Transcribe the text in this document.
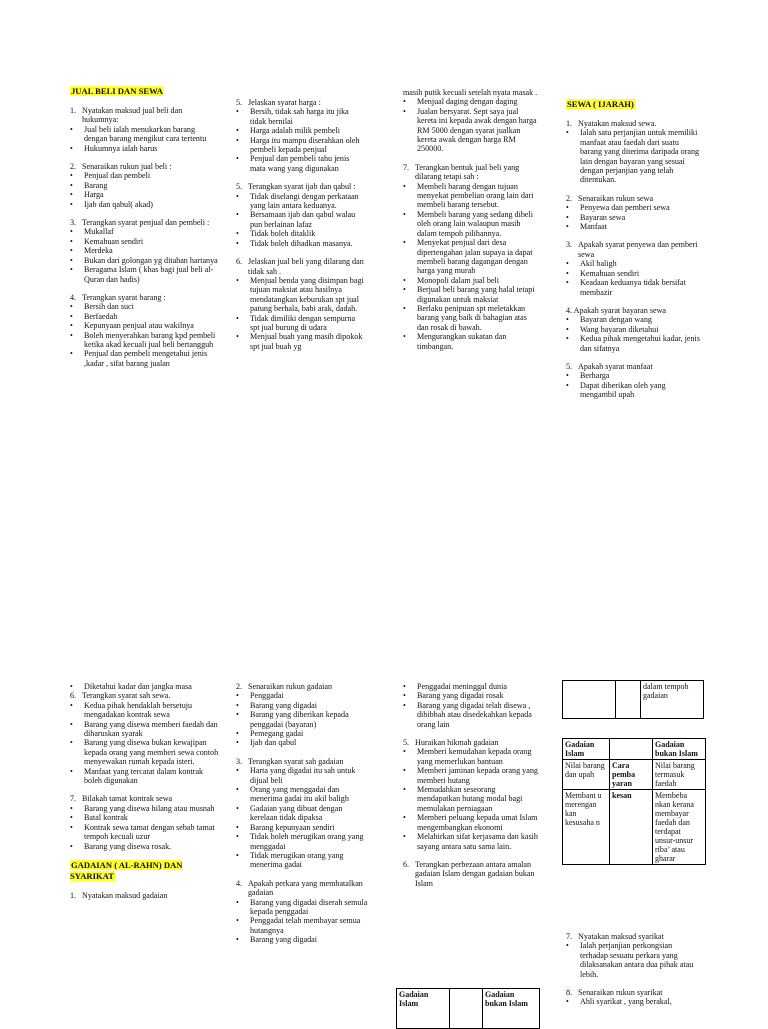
JUAL BELI DAN SEWA
1. Nyatakan maksud jual beli dan hukumnya:
•
Jual beli ialah menukarkan barang dengan barang mengikut cara tertentu
•
Hukumnya ialah harus
2. Senaraikan rukun jual beli :
•
Penjual dan pembeli
•
Barang
•
Harga
•
Ijab dan qabul( akad)
3. Terangkan syarat penjual dan pembeli :
•
Mukallaf
•
Kemahuan sendiri
•
Merdeka
•
Bukan dari golongan yg ditahan hartanya
•
Beragama Islam ( khas bagi jual beli al-Quran dan hadis)
4. Terangkan syarat barang :
•
Bersih dan suci
•
Berfaedah
•
Kepunyaan penjual atau wakilnya
•
Boleh menyerahkan barang kpd pembeli ketika akad kecuali jual beli bertangguh
•
Penjual dan pembeli mengetahui jenis ,kadar , sifat barang jualan
5. Jelaskan syarat harga :
•
Bersih, tidak sah harga itu jika tidak bernilai
•
Harga adalah milik pembeli
•
Harga itu mampu diserahkan oleh pembeli kepada penjual
•
Penjual dan pembeli tahu jenis mata wang yang digunakan
5. Terangkan syarat ijab dan qabul :
•
Tidak diselangi dengan perkataan yang lain antara keduanya.
•
Bersamaan ijab dan qabul walau pun berlainan lafaz
•
Tidak boleh ditaklik
•
Tidak boleh dihadkan masanya.
6. Jelaskan jual beli yang dilarang dan tidak sah .
•
Menjual benda yang disimpan bagi tujuan maksiat atau hasilnya mendatangkan keburukan spt jual patung berhala, babi arak, dadah.
•
Tidak dimiliki dengan sempurna spt jual burung di udara
•
Menjual buah yang masih dipokok spt jual buah yg

masih putik kecuali setelah nyata masak .

•
Menjual daging dengan daging
•
Jualan bersyarat. Sept saya jual kereta ini kepada awak dengan harga RM 5000 dengan syarat jualkan kereta awak dengan harga RM 250000.
7. Terangkan bentuk jual beli yang dilarang tetapi sah :
•
Membeli barang dengan tujuan menyekat pembelian orang lain dari membeli barang tersebut.
•
Membeli barang yang sedang dibeli oleh orang lain walaupun masih dalam tempoh pilihannya.
•
Menyekat penjual dari desa dipertengahan jalan supaya ia dapat membeli barang dagangan dengan harga yang murah
•
Monopoli dalam jual beli
•
Berjual beli barang yang halal tetapi digunakan untuk maksiat
•
Berlaku penipuan spt meletakkan barang yang baik di bahagian atas dan rosak di bawah.
•
Mengurangkan sukatan dan timbangan.
SEWA ( IJARAH)
1. Nyatakan maksud sewa.
•
Ialah satu perjanjian untuk memiliki manfaat atau faedah dari suatu barang yang diterima daripada orang lain dengan bayaran yang sesuai dengan perjanjian yang telah ditentukan.
2. Senaraikan rukun sewa
•
Penyewa dan pemberi sewa
•
Bayaran sewa
•
Manfaat
3. Apakah syarat penyewa dan pemberi sewa
•
Akil baligh
•
Kemahuan sendiri
•
Keadaan keduanya tidak bersifat membazir

4. Apakah syarat bayaran sewa

•
Bayaran dengan wang
•
Wang bayaran diketahui
•
Kedua pihak mengetahui kadar, jenis dan sifatnya
5. Apakah syarat manfaat
•
Berharga
•
Dapat diberikan oleh yang mengambil upah
•
Diketahui kadar dan jangka masa
6. Terangkan syarat sah sewa.
•
Kedua pihak hendaklah bersetuju mengadakan kontrak sewa
•
Barang yang disewa memberi faedah dan diharuskan syarak
•
Barang yang disewa bukan kewajipan kepada orang yang memberi sewa contoh menyewakan rumah kepada isteri.
•
Manfaat yang tercatat dalam kontrak boleh digunakan
7. Bilakah tamat kontrak sewa
•
Barang yang disewa hilang atau musnah
•
Batal kontrak
•
Kontrak sewa tamat dengan sebab tamat tempoh kecuali uzur
•
Barang yang disewa rosak.
GADAIAN ( AL-RAHN) DAN SYARIKAT
1. Nyatakan maksud gadaian
2. Senaraikan rukun gadaian
•
Penggadai
•
Barang yang digadai
•
Barang yang diberikan kepada penggadai (bayaran)
•
Pemegang gadai
•
Ijab dan qabul
3. Terangkan syarat sah gadaian
•
Harta yang digadai itu sah untuk dijual beli
•
Orang yang menggadai dan menerima gadai itu akil baligh
•
Gadaian yang dibuat dengan kerelaan tidak dipaksa
•
Barang kepunyaan sendiri
•
Tidak boleh merugikan orang yang menggadai
•
Tidak merugikan orang yang menerima gadai
4. Apakah perkara yang membatalkan gadaian
•
Barang yang digadai diserah semula kepada penggadai
•
Penggadai telah membayar semua hutangnya
•
Barang yang digadai
•
Penggadai meninggal dunia
•
Barang yang digadai rosak
•
Barang yang digadai telah disewa , dihibbah atau disedekahkan kepada orang lain
5. Huraikan hikmah gadaian
•
Memberi kemudahan kepada orang yang memerlukan bantuan
•
Memberi jaminan kepada orang yang memberi hutang
•
Memudahkan seseorang mendapatkan hutang modal bagi memulakan perniagaan
•
Memberi peluang kepada umat Islam mengembangkan ekonomi
•
Melahirkan sifat kerjasama dan kasih sayang antara satu sama lain.
6. Terangkan perbezaan antara amalan gadaian Islam dengan gadaian bukan Islam
7. Nyatakan maksud syarikat
•
Ialah perjanjian perkongsian terhadap sesuatu perkara yang dilaksanakan antara dua pihak atau lebih.
8. Senaraikan rukun syarikat
•
Ahli syarikat , yang berakal,
		dalam tempoh gadaian
Gadaian Islam		Gadaian bukan Islam
Nilai barang dan upah	Cara pemba yaran	Nilai barang termasuk faedah
Membant u merengan kan kesusaha n	kesan	Membeba nkan kerana membayar faedah dan terdapat unsur-unsur riba’ atau gharar
Gadaian Islam		Gadaian bukan Islam
